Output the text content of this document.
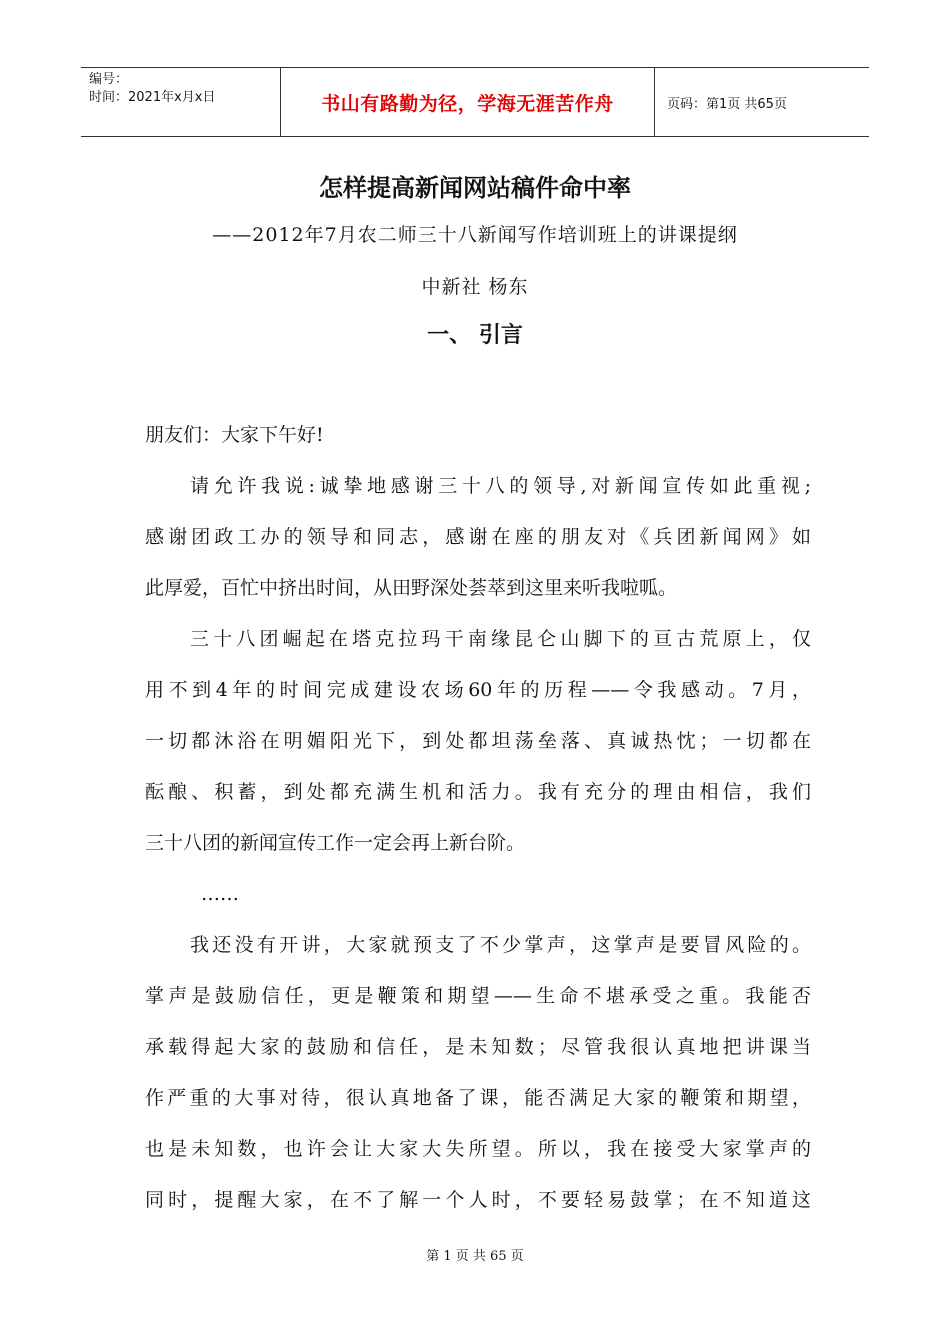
编号：
时间：2021年x月x日	书山有路勤为径，学海无涯苦作舟	页码：第1页 共65页
怎样提高新闻网站稿件命中率
——2012年7月农二师三十八新闻写作培训班上的讲课提纲
中新社 杨东
一、 引言
朋友们：大家下午好!
请允许我说:诚挚地感谢三十八的领导,对新闻宣传如此重视;
感谢团政工办的领导和同志，感谢在座的朋友对《兵团新闻网》如
此厚爱，百忙中挤出时间，从田野深处荟萃到这里来听我啦呱。
三十八团崛起在塔克拉玛干南缘昆仑山脚下的亘古荒原上，仅
用不到4年的时间完成建设农场60年的历程——令我感动。7月，
一切都沐浴在明媚阳光下，到处都坦荡垒落、真诚热忱；一切都在
酝酿、积蓄，到处都充满生机和活力。我有充分的理由相信，我们
三十八团的新闻宣传工作一定会再上新台阶。
……
我还没有开讲，大家就预支了不少掌声，这掌声是要冒风险的。
掌声是鼓励信任，更是鞭策和期望——生命不堪承受之重。我能否
承载得起大家的鼓励和信任，是未知数；尽管我很认真地把讲课当
作严重的大事对待，很认真地备了课，能否满足大家的鞭策和期望，
也是未知数，也许会让大家大失所望。所以，我在接受大家掌声的
同时，提醒大家，在不了解一个人时，不要轻易鼓掌；在不知道这
第 1 页 共 65 页
